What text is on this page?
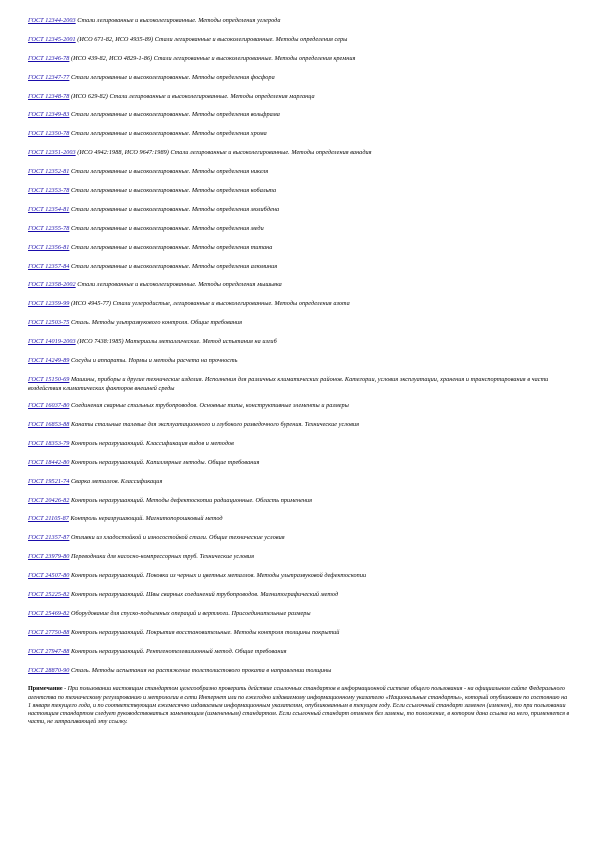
ГОСТ 12344-2003 Стали легированные и высоколегированные. Методы определения углерода
ГОСТ 12345-2001 (ИСО 671-82, ИСО 4935-89) Стали легированные и высоколегированные. Методы определения серы
ГОСТ 12346-78 (ИСО 439-82, ИСО 4829-1-86) Стали легированные и высоколегированные. Методы определения кремния
ГОСТ 12347-77 Стали легированные и высоколегированные. Методы определения фосфора
ГОСТ 12348-78 (ИСО 629-82) Стали легированные и высоколегированные. Методы определения марганца
ГОСТ 12349-83 Стали легированные и высоколегированные. Методы определения вольфрама
ГОСТ 12350-78 Стали легированные и высоколегированные. Методы определения хрома
ГОСТ 12351-2003 (ИСО 4942:1988, ИСО 9647:1989) Стали легированные и высоколегированные. Методы определения ванадия
ГОСТ 12352-81 Стали легированные и высоколегированные. Методы определения никеля
ГОСТ 12353-78 Стали легированные и высоколегированные. Методы определения кобальта
ГОСТ 12354-81 Стали легированные и высоколегированные. Методы определения молибдена
ГОСТ 12355-78 Стали легированные и высоколегированные. Методы определения меди
ГОСТ 12356-81 Стали легированные и высоколегированные. Методы определения титана
ГОСТ 12357-84 Стали легированные и высоколегированные. Методы определения алюминия
ГОСТ 12358-2002 Стали легированные и высоколегированные. Методы определения мышьяка
ГОСТ 12359-99 (ИСО 4945-77) Стали углеродистые, легированные и высоколегированные. Методы определения азота
ГОСТ 12503-75 Сталь. Методы ультразвукового контроля. Общие требования
ГОСТ 14019-2003 (ИСО 7438:1985) Материалы металлические. Метод испытания на изгиб
ГОСТ 14249-89 Сосуды и аппараты. Нормы и методы расчета на прочность
ГОСТ 15150-69 Машины, приборы и другие технические изделия. Исполнения для различных климатических районов. Категории, условия эксплуатации, хранения и транспортирования в части воздействия климатических факторов внешней среды
ГОСТ 16037-80 Соединения сварные стальных трубопроводов. Основные типы, конструктивные элементы и размеры
ГОСТ 16853-88 Канаты стальные талевые для эксплуатационного и глубокого разведочного бурения. Технические условия
ГОСТ 18353-79 Контроль неразрушающий. Классификация видов и методов
ГОСТ 18442-80 Контроль неразрушающий. Капиллярные методы. Общие требования
ГОСТ 19521-74 Сварка металлов. Классификация
ГОСТ 20426-82 Контроль неразрушающий. Методы дефектоскопии радиационные. Область применения
ГОСТ 21105-87 Контроль неразрушающий. Магнитопорошковый метод
ГОСТ 21357-87 Отливки из хладостойкой и износостойкой стали. Общие технические условия
ГОСТ 23979-80 Переводники для насосно-компрессорных труб. Технические условия
ГОСТ 24507-80 Контроль неразрушающий. Поковки из черных и цветных металлов. Методы ультразвуковой дефектоскопии
ГОСТ 25225-82 Контроль неразрушающий. Швы сварных соединений трубопроводов. Магнитографический метод
ГОСТ 25469-82 Оборудование для спуско-подъемных операций и вертлюги. Присоединительные размеры
ГОСТ 27750-88 Контроль неразрушающий. Покрытия восстановительные. Методы контроля толщины покрытий
ГОСТ 27947-88 Контроль неразрушающий. Рентгенотелевизионный метод. Общие требования
ГОСТ 28870-90 Сталь. Методы испытания на растяжение толстолистового проката в направлении толщины
Примечание - При пользовании настоящим стандартом целесообразно проверить действие ссылочных стандартов в информационной системе общего пользования - на официальном сайте Федерального агентства по техническому регулированию и метрологии в сети Интернет или по ежегодно издаваемому информационному указателю «Национальные стандарты», который опубликован по состоянию на 1 января текущего года, и по соответствующим ежемесячно издаваемым информационным указателям, опубликованным в текущем году. Если ссылочный стандарт заменен (изменен), то при пользовании настоящим стандартом следует руководствоваться заменяющим (измененным) стандартом. Если ссылочный стандарт отменен без замены, то положение, в котором дана ссылка на него, применяется в части, не затрагивающей эту ссылку.
